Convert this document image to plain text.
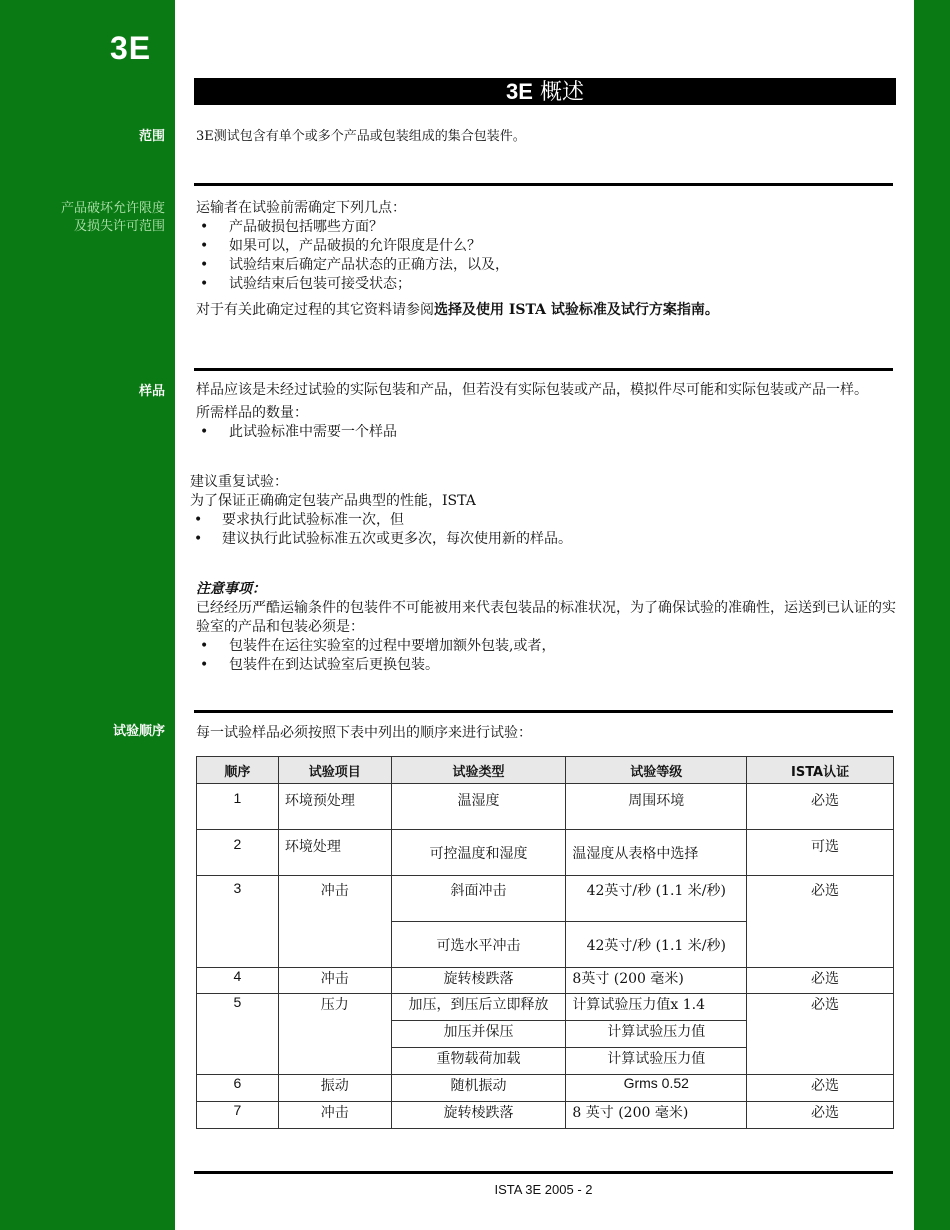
3E
3E 概述
范围
产品破坏允许限度及损失许可范围
样品
试验顺序
3E测试包含有单个或多个产品或包装组成的集合包装件。

运输者在试验前需确定下列几点：

• 产品破损包括哪些方面？

• 如果可以，产品破损的允许限度是什么？

• 试验结束后确定产品状态的正确方法，以及，

• 试验结束后包装可接受状态；

对于有关此确定过程的其它资料请参阅选择及使用 ISTA 试验标准及试行方案指南。

样品应该是未经过试验的实际包装和产品，但若没有实际包装或产品，模拟件尽可能和实际包装或产品一样。

所需样品的数量：

• 此试验标准中需要一个样品

建议重复试验：

为了保证正确确定包装产品典型的性能，ISTA

• 要求执行此试验标准一次，但

• 建议执行此试验标准五次或更多次，每次使用新的样品。

注意事项：

已经经历严酷运输条件的包装件不可能被用来代表包装品的标准状况，为了确保试验的准确性，运送到已认证的实验室的产品和包装必须是：

• 包装件在运往实验室的过程中要增加额外包装,或者，

• 包装件在到达试验室后更换包装。

每一试验样品必须按照下表中列出的顺序来进行试验：
顺序	试验项目	试验类型	试验等级	ISTA认证
1	环境预处理	温湿度	周围环境	必选
2	环境处理	可控温度和湿度	温湿度从表格中选择	可选
3	冲击	斜面冲击	42英寸/秒 (1.1 米/秒)	必选
		可选水平冲击	42英寸/秒 (1.1 米/秒)	
4	冲击	旋转棱跌落	8英寸 (200 毫米)	必选
5	压力	加压，到压后立即释放	计算试验压力值x 1.4	必选
		加压并保压	计算试验压力值	
		重物载荷加载	计算试验压力值	
6	振动	随机振动	Grms 0.52	必选
7	冲击	旋转棱跌落	8 英寸 (200 毫米)	必选
ISTA 3E 2005 - 2
